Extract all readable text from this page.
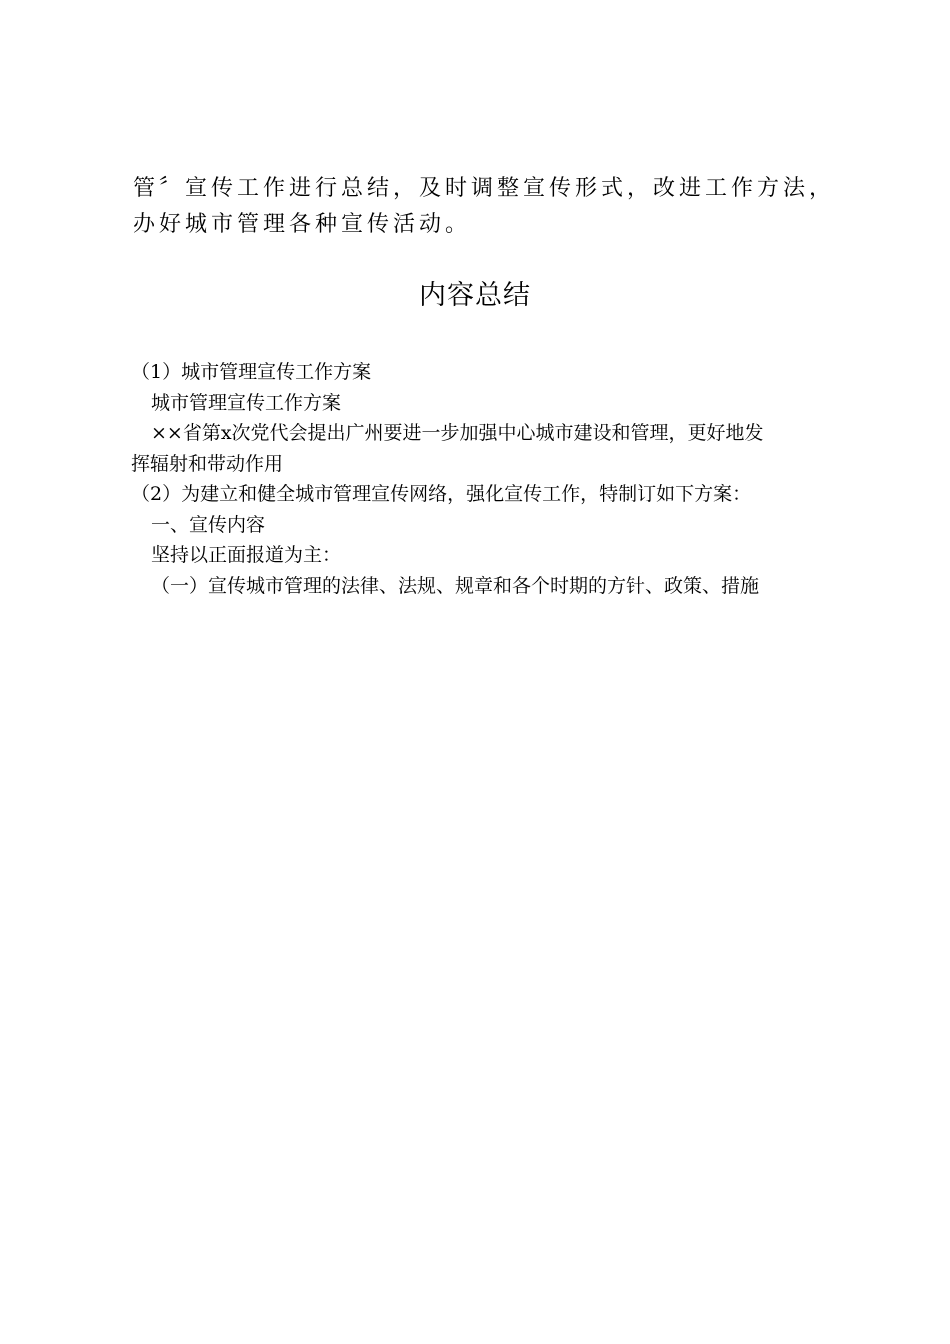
管〞宣传工作进行总结，及时调整宣传形式，改进工作方法，

办好城市管理各种宣传活动。

内容总结

（1）城市管理宣传工作方案

城市管理宣传工作方案

××省第x次党代会提出广州要进一步加强中心城市建设和管理，更好地发

挥辐射和带动作用

（2）为建立和健全城市管理宣传网络，强化宣传工作，特制订如下方案：

一、宣传内容

坚持以正面报道为主：

（一）宣传城市管理的法律、法规、规章和各个时期的方针、政策、措施
